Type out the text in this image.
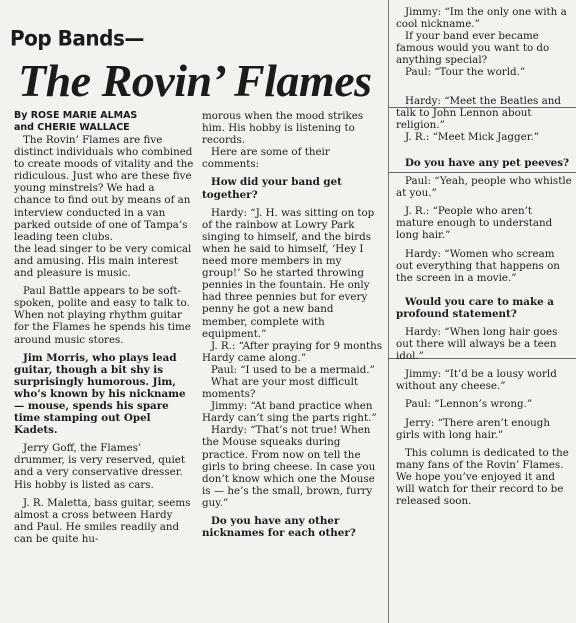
Pop Bands—
The Rovin’ Flames
By ROSE MARIE ALMAS
and CHERIE WALLACE

The Rovin’ Flames are five distinct individuals who combined to create moods of vitality and the ridiculous. Just who are these five young minstrels? We had a chance to find out by means of an interview conducted in a van parked outside of one of Tampa’s leading teen clubs.

the lead singer to be very comical and amusing. His main interest and pleasure is music.

Paul Battle appears to be soft-spoken, polite and easy to talk to. When not playing rhythm guitar for the Flames he spends his time around music stores.

Jim Morris, who plays lead guitar, though a bit shy is surprisingly humorous. Jim, who’s known by his nickname — mouse, spends his spare time stamping out Opel Kadets.

Jerry Goff, the Flames’ drummer, is very reserved, quiet and a very conservative dresser. His hobby is listed as cars.

J. R. Maletta, bass guitar, seems almost a cross between Hardy and Paul. He smiles readily and can be quite hu-

morous when the mood strikes him. His hobby is listening to records.

Here are some of their comments:

How did your band get together?

Hardy: “J. H. was sitting on top of the rainbow at Lowry Park singing to himself, and the birds when he said to himself, ‘Hey I need more members in my group!’ So he started throwing pennies in the fountain. He only had three pennies but for every penny he got a new band member, complete with equipment.”

J. R.: “After praying for 9 months Hardy came along.”

Paul: “I used to be a mermaid.”

What are your most difficult moments?

Jimmy: “At band practice when Hardy can’t sing the parts right.”

Hardy: “That’s not true! When the Mouse squeaks during practice. From now on tell the girls to bring cheese. In case you don’t know which one the Mouse is — he’s the small, brown, furry guy.”

Do you have any other nicknames for each other?

Jimmy: “Im the only one with a cool nickname.”

If your band ever became famous would you want to do anything special?

Paul: “Tour the world.”

Hardy: “Meet the Beatles and talk to John Lennon about religion.”

J. R.: “Meet Mick Jagger.”

Do you have any pet peeves?

Paul: “Yeah, people who whistle at you.”

J. R.: “People who aren’t mature enough to understand long hair.”

Hardy: “Women who scream out everything that happens on the screen in a movie.”

Would you care to make a profound statement?

Hardy: “When long hair goes out there will always be a teen idol.”

Jimmy: “It’d be a lousy world without any cheese.”

Paul: “Lennon’s wrong.”

Jerry: “There aren’t enough girls with long hair.”

This column is dedicated to the many fans of the Rovin’ Flames. We hope you’ve enjoyed it and will watch for their record to be released soon.
